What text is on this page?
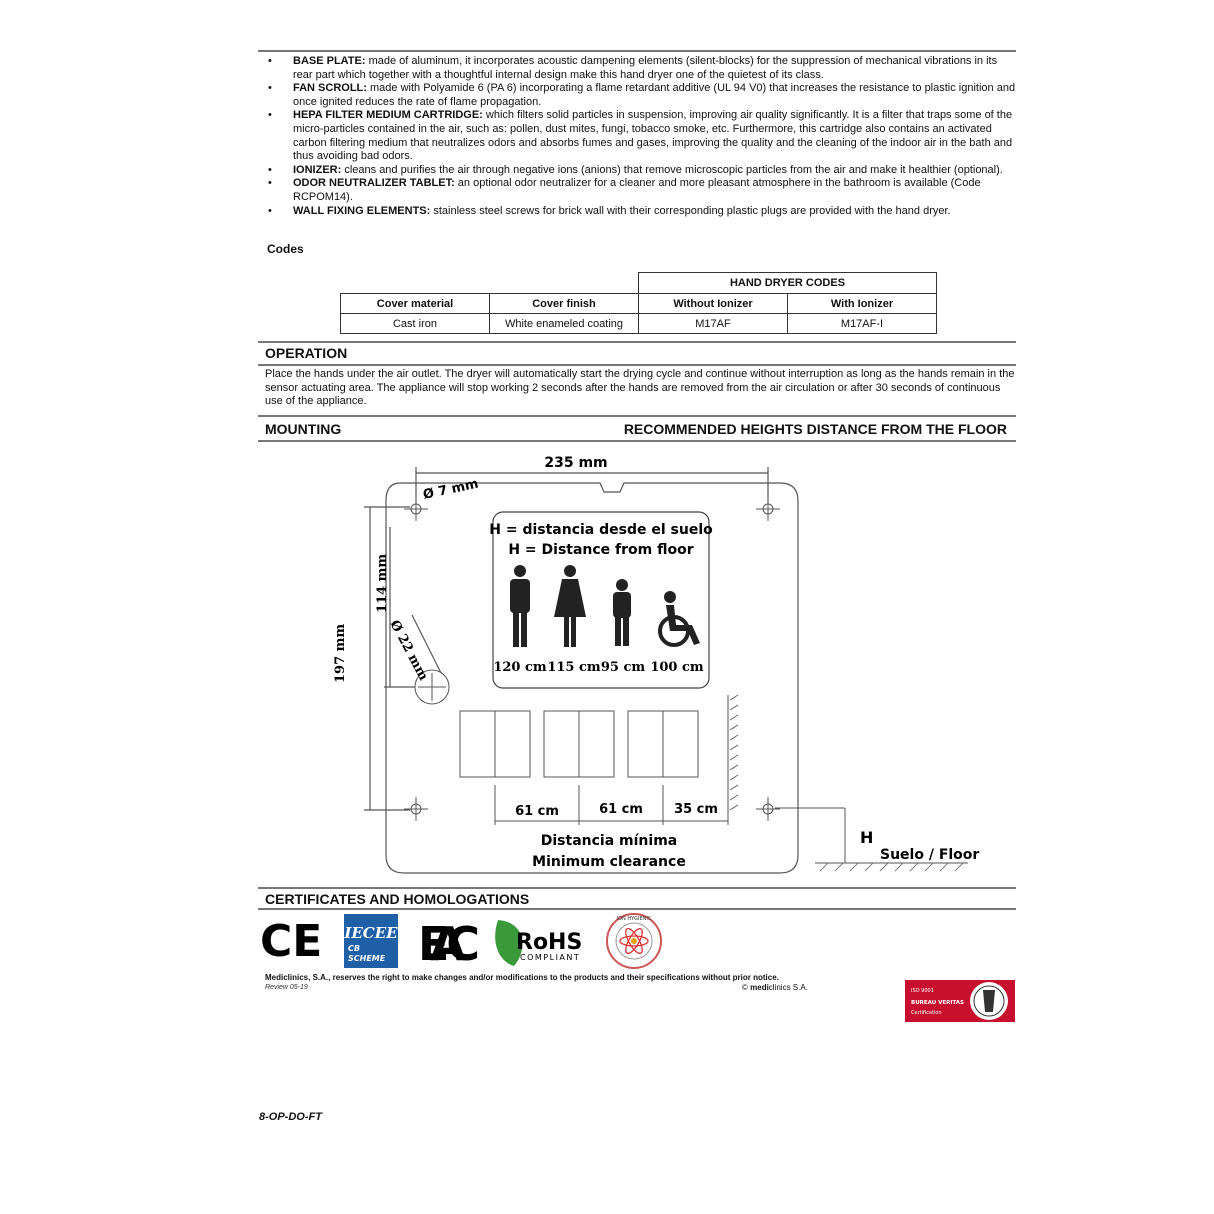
• BASE PLATE: made of aluminum, it incorporates acoustic dampening elements (silent-blocks) for the suppression of mechanical vibrations in its rear part which together with a thoughtful internal design make this hand dryer one of the quietest of its class.
• FAN SCROLL: made with Polyamide 6 (PA 6) incorporating a flame retardant additive (UL 94 V0) that increases the resistance to plastic ignition and once ignited reduces the rate of flame propagation.
• HEPA FILTER MEDIUM CARTRIDGE: which filters solid particles in suspension, improving air quality significantly. It is a filter that traps some of the micro-particles contained in the air, such as: pollen, dust mites, fungi, tobacco smoke, etc. Furthermore, this cartridge also contains an activated carbon filtering medium that neutralizes odors and absorbs fumes and gases, improving the quality and the cleaning of the indoor air in the bath and thus avoiding bad odors.
• IONIZER: cleans and purifies the air through negative ions (anions) that remove microscopic particles from the air and make it healthier (optional).
• ODOR NEUTRALIZER TABLET: an optional odor neutralizer for a cleaner and more pleasant atmosphere in the bathroom is available (Code RCPOM14).
• WALL FIXING ELEMENTS: stainless steel screws for brick wall with their corresponding plastic plugs are provided with the hand dryer.
Codes
		HAND DRYER CODES	
Cover material	Cover finish	Without Ionizer	With Ionizer
Cast iron	White enameled coating	M17AF	M17AF-I
OPERATION
Place the hands under the air outlet. The dryer will automatically start the drying cycle and continue without interruption as long as the hands remain in the sensor actuating area. The appliance will stop working 2 seconds after the hands are removed from the air circulation or after 30 seconds of continuous use of the appliance.
MOUNTING	RECOMMENDED HEIGHTS DISTANCE FROM THE FLOOR
235 mm
Ø 7 mm
114 mm
197 mm	Ø 22 mm
H = distancia desde el suelo
H = Distance from floor
120 cm 115 cm 95 cm 100 cm
61 cm	61 cm 35 cm
Distancia mínima
Minimum clearance
H
Suelo / Floor
CERTIFICATES AND HOMOLOGATIONS
CE IECEE
CB
SCHEME EAC RoHS
COMPLIANT
ION HYGIENIC
Mediclinics, S.A., reserves the right to make changes and/or modifications to the products and their specifications without prior notice.
Review 05-19	© mediclinics S.A.	ISO 9001
BUREAU VERITAS
Certification
8-OP-DO-FT
